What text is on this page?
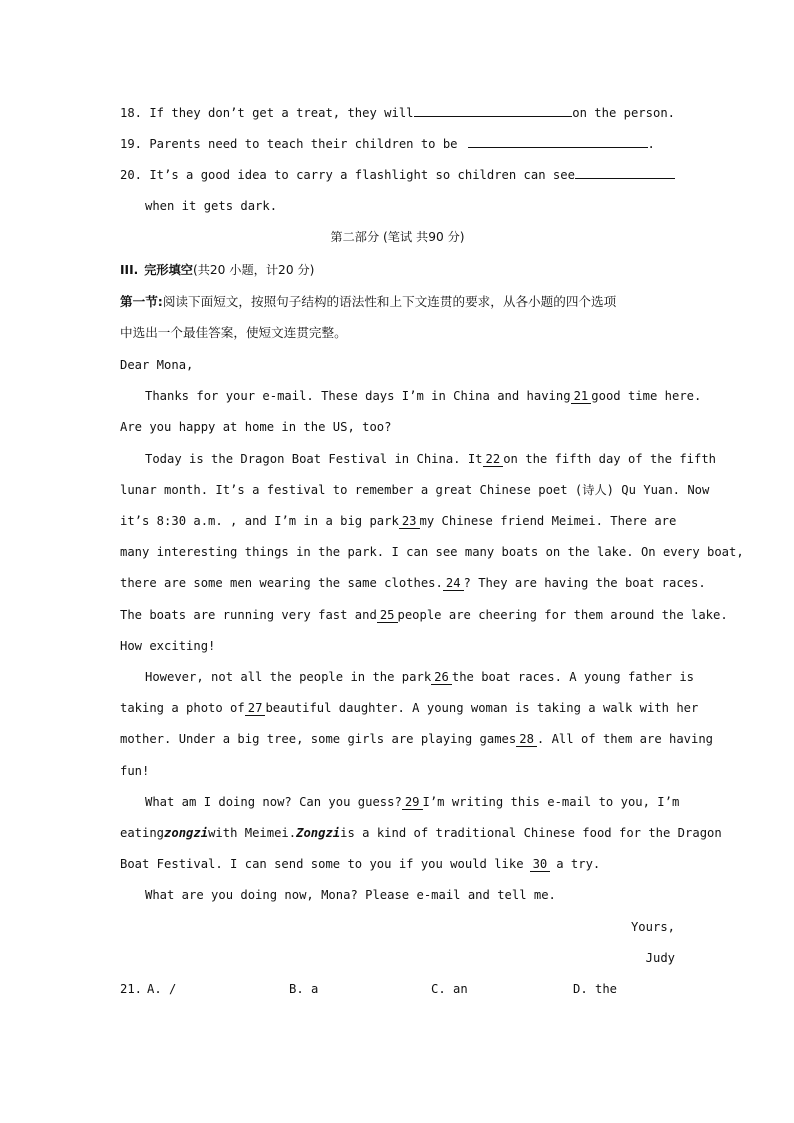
18. If they don’t get a treat, they will	on the person.
19. Parents need to teach their children to be	.
20. It’s a good idea to carry a flashlight so children can see
when it gets dark.
第二部分 (笔试 共90 分)
III. 完形填空 (共20 小题，计20 分)
第一节: 阅读下面短文，按照句子结构的语法性和上下文连贯的要求，从各小题的四个选项
中选出一个最佳答案，使短文连贯完整。
Dear Mona,
Thanks for your e-mail. These days I’m in China and having 21 good time here.
Are you happy at home in the US, too?
Today is the Dragon Boat Festival in China. It 22 on the fifth day of the fifth
lunar month. It’s a festival to remember a great Chinese poet (诗人) Qu Yuan. Now
it’s 8:30 a.m. , and I’m in a big park 23 my Chinese friend Meimei. There are
many interesting things in the park. I can see many boats on the lake. On every boat,
there are some men wearing the same clothes. 24 ? They are having the boat races.
The boats are running very fast and 25 people are cheering for them around the lake.
How exciting!
However, not all the people in the park 26 the boat races. A young father is
taking a photo of 27 beautiful daughter. A young woman is taking a walk with her
mother. Under a big tree, some girls are playing games 28 . All of them are having
fun!
What am I doing now? Can you guess? 29 I’m writing this e-mail to you, I’m
eating zongzi with Meimei. Zongzi is a kind of traditional Chinese food for the Dragon
Boat Festival. I can send some to you if you would like 30 a try.
What are you doing now, Mona? Please e-mail and tell me.
Yours,
Judy
21. A. /	B. a	C. an	D. the
